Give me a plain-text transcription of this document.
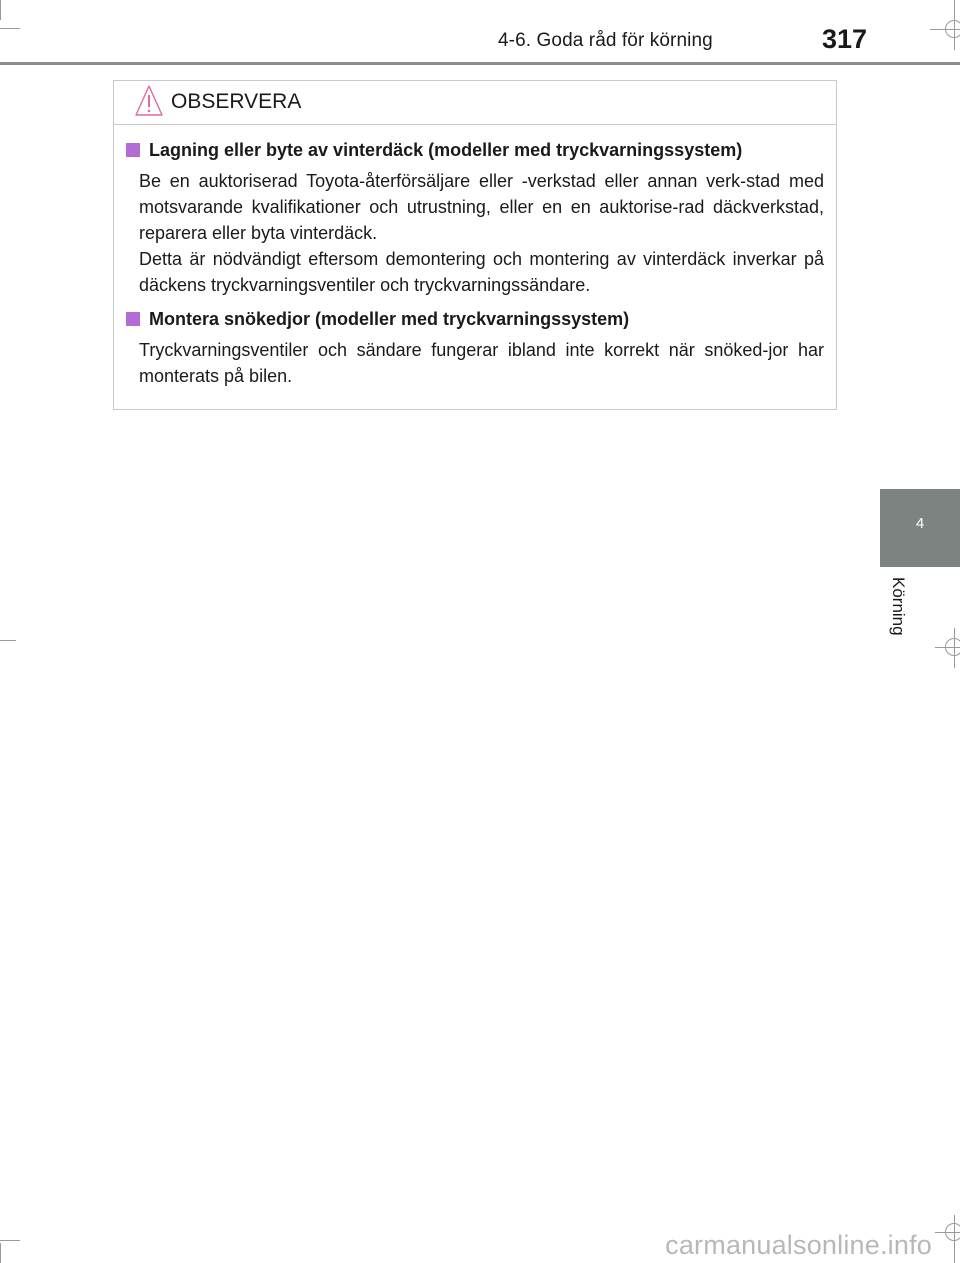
4-6. Goda råd för körning	317
4
Körning
OBSERVERA
Lagning eller byte av vinterdäck (modeller med tryckvarningssystem)

Be en auktoriserad Toyota-återförsäljare eller -verkstad eller annan verk-stad med motsvarande kvalifikationer och utrustning, eller en en auktorise-rad däckverkstad, reparera eller byta vinterdäck.

Detta är nödvändigt eftersom demontering och montering av vinterdäck inverkar på däckens tryckvarningsventiler och tryckvarningssändare.

Montera snökedjor (modeller med tryckvarningssystem)

Tryckvarningsventiler och sändare fungerar ibland inte korrekt när snöked-jor har monterats på bilen.

carmanualsonline.info
